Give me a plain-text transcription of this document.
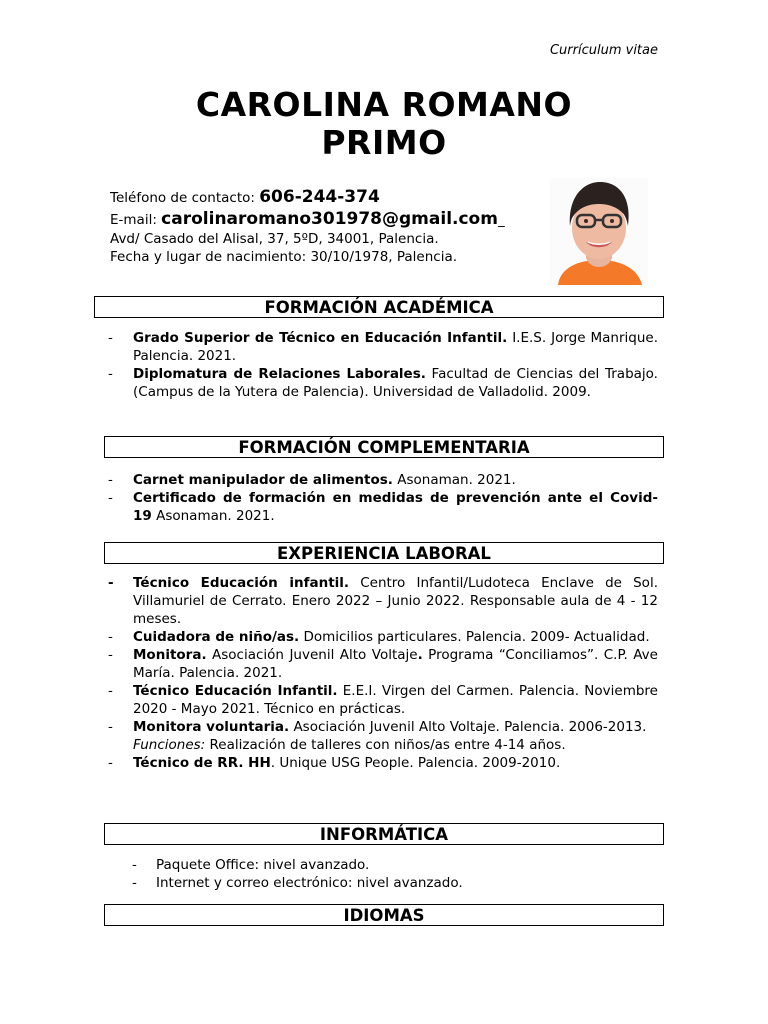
Currículum vitae
CAROLINA ROMANO
PRIMO
Teléfono de contacto: 606-244-374
E-mail: carolinaromano301978@gmail.com_
Avd/ Casado del Alisal, 37, 5ºD, 34001, Palencia.
Fecha y lugar de nacimiento: 30/10/1978, Palencia.
FORMACIÓN ACADÉMICA
- Grado Superior de Técnico en Educación Infantil. I.E.S. Jorge Manrique. Palencia. 2021.
- Diplomatura de Relaciones Laborales. Facultad de Ciencias del Trabajo. (Campus de la Yutera de Palencia). Universidad de Valladolid. 2009.
FORMACIÓN COMPLEMENTARIA
- Carnet manipulador de alimentos. Asonaman. 2021.
- Certificado de formación en medidas de prevención ante el Covid- 19 Asonaman. 2021.
EXPERIENCIA LABORAL
- Técnico Educación infantil. Centro Infantil/Ludoteca Enclave de Sol. Villamuriel de Cerrato. Enero 2022 – Junio 2022. Responsable aula de 4 - 12 meses.
- Cuidadora de niño/as. Domicilios particulares. Palencia. 2009- Actualidad.
- Monitora. Asociación Juvenil Alto Voltaje. Programa “Conciliamos”. C.P. Ave María. Palencia. 2021.
- Técnico Educación Infantil. E.E.I. Virgen del Carmen. Palencia. Noviembre 2020 - Mayo 2021. Técnico en prácticas.
- Monitora voluntaria. Asociación Juvenil Alto Voltaje. Palencia. 2006-2013.
Funciones: Realización de talleres con niños/as entre 4-14 años.
- Técnico de RR. HH. Unique USG People. Palencia. 2009-2010.
INFORMÁTICA
- Paquete Office: nivel avanzado.
- Internet y correo electrónico: nivel avanzado.
IDIOMAS
